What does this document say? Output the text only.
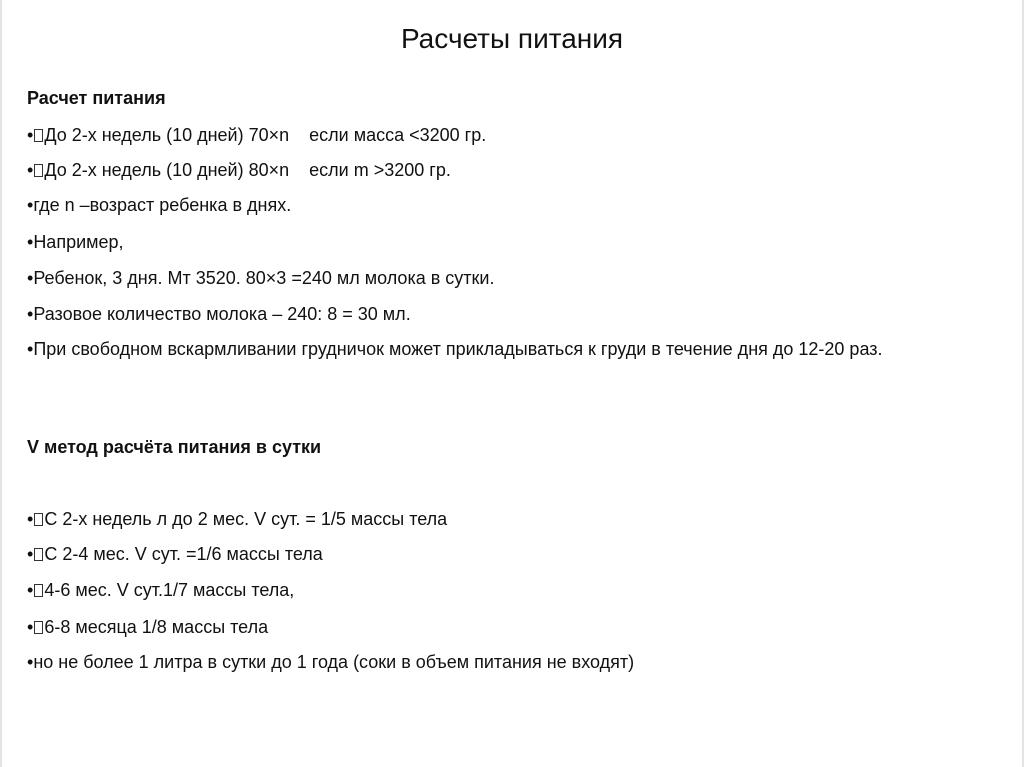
Расчеты питания

Расчет питания

• До 2-х недель (10 дней) 70×n    если масса <3200 гр.

• До 2-х недель (10 дней) 80×n    если m >3200 гр.

•где n –возраст ребенка в днях.

•Например,

•Ребенок, 3 дня. Мт 3520. 80×3 =240 мл молока в сутки.

•Разовое количество молока – 240: 8 = 30 мл.

•При свободном вскармливании грудничок может прикладываться к груди в течение дня до 12-20 раз.

V метод расчёта питания в сутки

• С 2-х недель л до 2 мес. V сут. = 1/5 массы тела

• С 2-4 мес. V сут. =1/6 массы тела

• 4-6 мес. V сут.1/7 массы тела,

• 6-8 месяца 1/8 массы тела

•но не более 1 литра в сутки до 1 года (соки в объем питания не входят)
